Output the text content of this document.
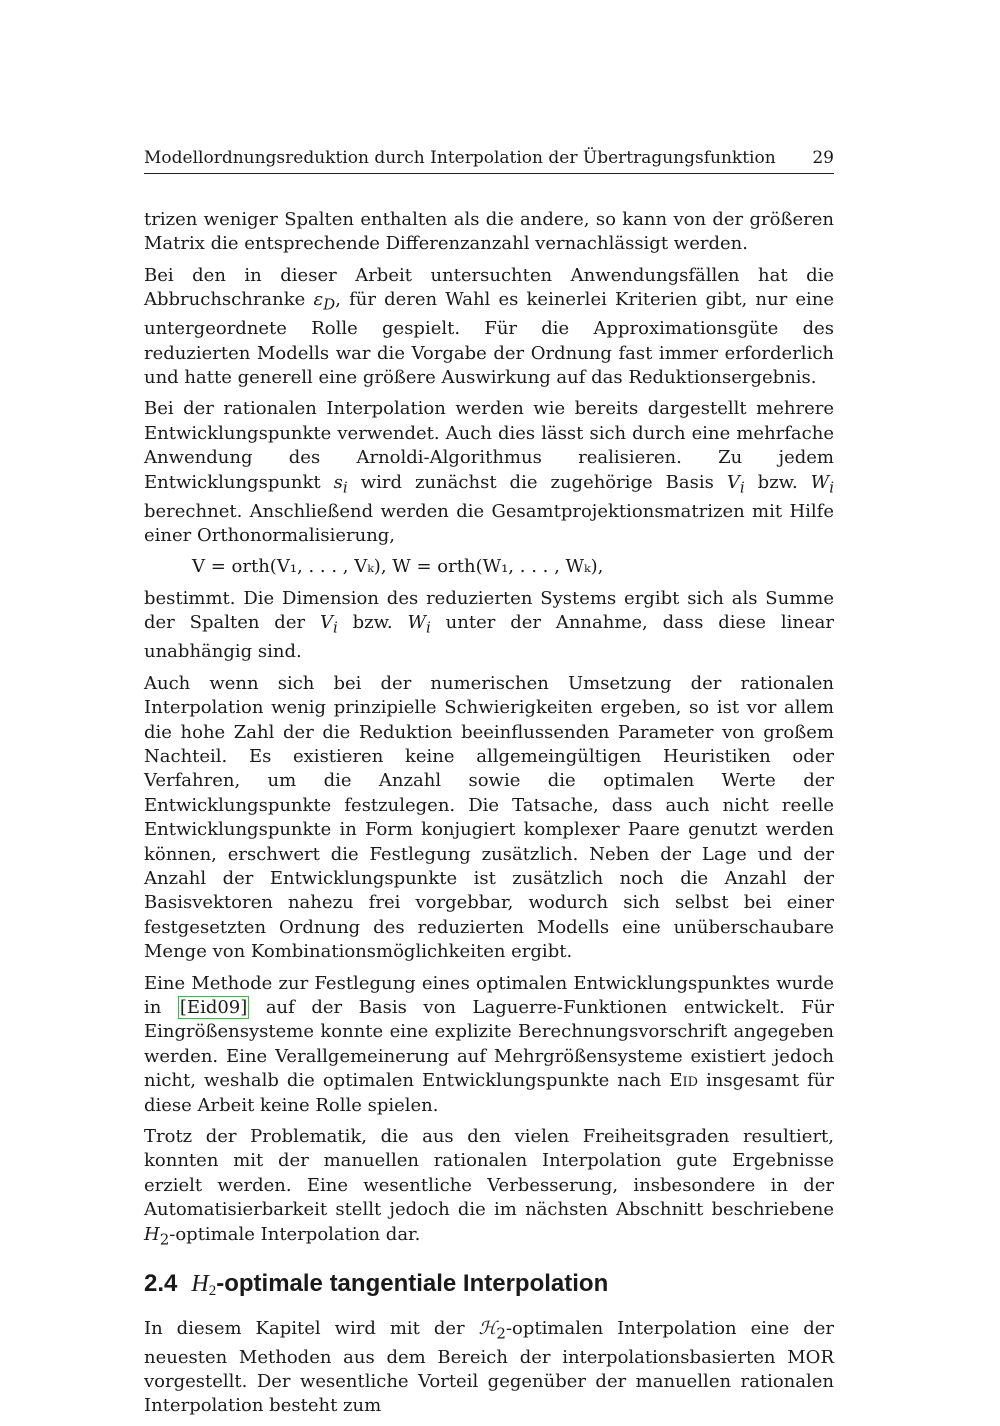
Modellordnungsreduktion durch Interpolation der Übertragungsfunktion 29

trizen weniger Spalten enthalten als die andere, so kann von der größeren Matrix die entsprechende Differenzanzahl vernachlässigt werden.

Bei den in dieser Arbeit untersuchten Anwendungsfällen hat die Abbruchschranke $\varepsilon_D$, für deren Wahl es keinerlei Kriterien gibt, nur eine untergeordnete Rolle gespielt. Für die Approximationsgüte des reduzierten Modells war die Vorgabe der Ordnung fast immer erforderlich und hatte generell eine größere Auswirkung auf das Reduktionsergebnis.

Bei der rationalen Interpolation werden wie bereits dargestellt mehrere Entwicklungspunkte verwendet. Auch dies lässt sich durch eine mehrfache Anwendung des Arnoldi-Algorithmus realisieren. Zu jedem Entwicklungspunkt $s_i$ wird zunächst die zugehörige Basis $V_i$ bzw. $W_i$ berechnet. Anschließend werden die Gesamtprojektionsmatrizen mit Hilfe einer Orthonormalisierung,

V = orth(V₁, . . . , Vₖ), W = orth(W₁, . . . , Wₖ),

bestimmt. Die Dimension des reduzierten Systems ergibt sich als Summe der Spalten der $V_i$ bzw. $W_i$ unter der Annahme, dass diese linear unabhängig sind.

Auch wenn sich bei der numerischen Umsetzung der rationalen Interpolation wenig prinzipielle Schwierigkeiten ergeben, so ist vor allem die hohe Zahl der die Reduktion beeinflussenden Parameter von großem Nachteil. Es existieren keine allgemeingültigen Heuristiken oder Verfahren, um die Anzahl sowie die optimalen Werte der Entwicklungspunkte festzulegen. Die Tatsache, dass auch nicht reelle Entwicklungspunkte in Form konjugiert komplexer Paare genutzt werden können, erschwert die Festlegung zusätzlich. Neben der Lage und der Anzahl der Entwicklungspunkte ist zusätzlich noch die Anzahl der Basisvektoren nahezu frei vorgebbar, wodurch sich selbst bei einer festgesetzten Ordnung des reduzierten Modells eine unüberschaubare Menge von Kombinationsmöglichkeiten ergibt.

Eine Methode zur Festlegung eines optimalen Entwicklungspunktes wurde in [Eid09] auf der Basis von Laguerre-Funktionen entwickelt. Für Eingrößensysteme konnte eine explizite Berechnungsvorschrift angegeben werden. Eine Verallgemeinerung auf Mehrgrößensysteme existiert jedoch nicht, weshalb die optimalen Entwicklungspunkte nach Eid insgesamt für diese Arbeit keine Rolle spielen.

Trotz der Problematik, die aus den vielen Freiheitsgraden resultiert, konnten mit der manuellen rationalen Interpolation gute Ergebnisse erzielt werden. Eine wesentliche Verbesserung, insbesondere in der Automatisierbarkeit stellt jedoch die im nächsten Abschnitt beschriebene $H_2$-optimale Interpolation dar.

2.4 $H_2$-optimale tangentiale Interpolation

In diesem Kapitel wird mit der ℋ$_2$-optimalen Interpolation eine der neuesten Methoden aus dem Bereich der interpolationsbasierten MOR vorgestellt. Der wesentliche Vorteil gegenüber der manuellen rationalen Interpolation besteht zum
